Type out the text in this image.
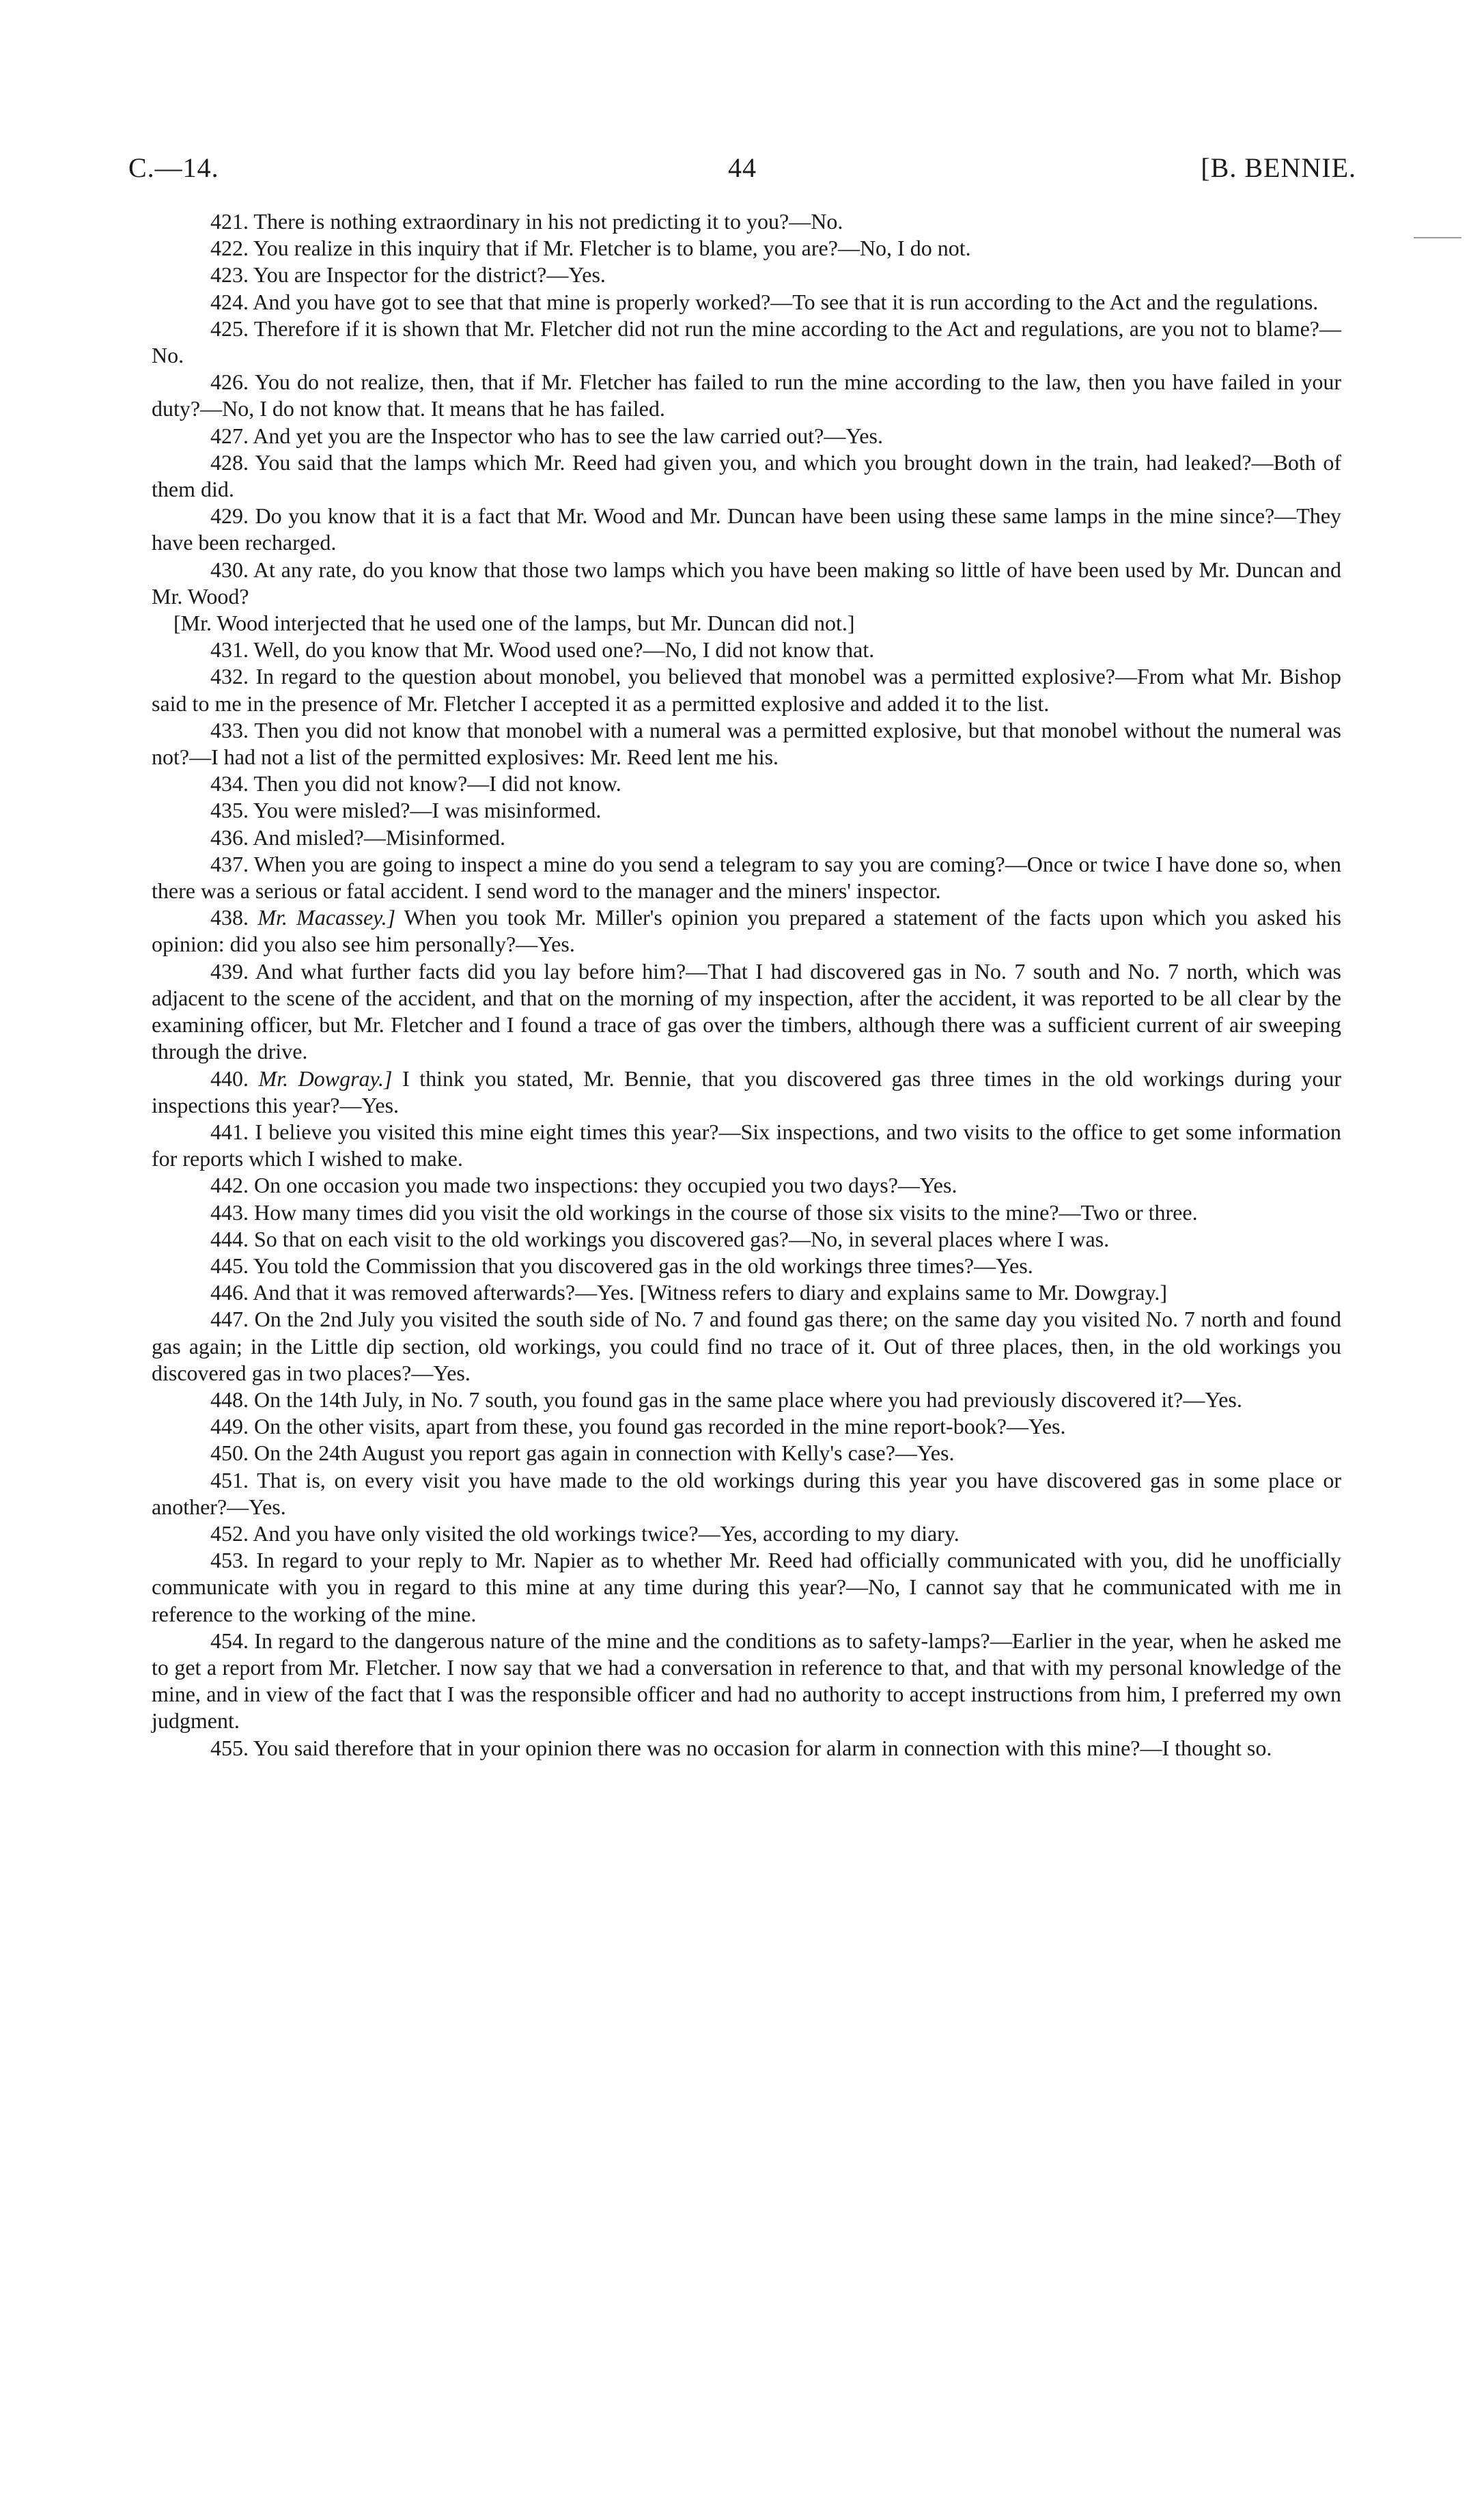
C.—14.	44	[B. BENNIE.

421. There is nothing extraordinary in his not predicting it to you?—No.

422. You realize in this inquiry that if Mr. Fletcher is to blame, you are?—No, I do not.

423. You are Inspector for the district?—Yes.

424. And you have got to see that that mine is properly worked?—To see that it is run according to the Act and the regulations.

425. Therefore if it is shown that Mr. Fletcher did not run the mine according to the Act and regulations, are you not to blame?—No.

426. You do not realize, then, that if Mr. Fletcher has failed to run the mine according to the law, then you have failed in your duty?—No, I do not know that. It means that he has failed.

427. And yet you are the Inspector who has to see the law carried out?—Yes.

428. You said that the lamps which Mr. Reed had given you, and which you brought down in the train, had leaked?—Both of them did.

429. Do you know that it is a fact that Mr. Wood and Mr. Duncan have been using these same lamps in the mine since?—They have been recharged.

430. At any rate, do you know that those two lamps which you have been making so little of have been used by Mr. Duncan and Mr. Wood?

[Mr. Wood interjected that he used one of the lamps, but Mr. Duncan did not.]

431. Well, do you know that Mr. Wood used one?—No, I did not know that.

432. In regard to the question about monobel, you believed that monobel was a permitted explosive?—From what Mr. Bishop said to me in the presence of Mr. Fletcher I accepted it as a permitted explosive and added it to the list.

433. Then you did not know that monobel with a numeral was a permitted explosive, but that monobel without the numeral was not?—I had not a list of the permitted explosives: Mr. Reed lent me his.

434. Then you did not know?—I did not know.

435. You were misled?—I was misinformed.

436. And misled?—Misinformed.

437. When you are going to inspect a mine do you send a telegram to say you are coming?—Once or twice I have done so, when there was a serious or fatal accident. I send word to the manager and the miners' inspector.

438. Mr. Macassey.] When you took Mr. Miller's opinion you prepared a statement of the facts upon which you asked his opinion: did you also see him personally?—Yes.

439. And what further facts did you lay before him?—That I had discovered gas in No. 7 south and No. 7 north, which was adjacent to the scene of the accident, and that on the morning of my inspection, after the accident, it was reported to be all clear by the examining officer, but Mr. Fletcher and I found a trace of gas over the timbers, although there was a sufficient current of air sweeping through the drive.

440. Mr. Dowgray.] I think you stated, Mr. Bennie, that you discovered gas three times in the old workings during your inspections this year?—Yes.

441. I believe you visited this mine eight times this year?—Six inspections, and two visits to the office to get some information for reports which I wished to make.

442. On one occasion you made two inspections: they occupied you two days?—Yes.

443. How many times did you visit the old workings in the course of those six visits to the mine?—Two or three.

444. So that on each visit to the old workings you discovered gas?—No, in several places where I was.

445. You told the Commission that you discovered gas in the old workings three times?—Yes.

446. And that it was removed afterwards?—Yes. [Witness refers to diary and explains same to Mr. Dowgray.]

447. On the 2nd July you visited the south side of No. 7 and found gas there; on the same day you visited No. 7 north and found gas again; in the Little dip section, old workings, you could find no trace of it. Out of three places, then, in the old workings you discovered gas in two places?—Yes.

448. On the 14th July, in No. 7 south, you found gas in the same place where you had previously discovered it?—Yes.

449. On the other visits, apart from these, you found gas recorded in the mine report-book?—Yes.

450. On the 24th August you report gas again in connection with Kelly's case?—Yes.

451. That is, on every visit you have made to the old workings during this year you have discovered gas in some place or another?—Yes.

452. And you have only visited the old workings twice?—Yes, according to my diary.

453. In regard to your reply to Mr. Napier as to whether Mr. Reed had officially communicated with you, did he unofficially communicate with you in regard to this mine at any time during this year?—No, I cannot say that he communicated with me in reference to the working of the mine.

454. In regard to the dangerous nature of the mine and the conditions as to safety-lamps?—Earlier in the year, when he asked me to get a report from Mr. Fletcher. I now say that we had a conversation in reference to that, and that with my personal knowledge of the mine, and in view of the fact that I was the responsible officer and had no authority to accept instructions from him, I preferred my own judgment.

455. You said therefore that in your opinion there was no occasion for alarm in connection with this mine?—I thought so.
